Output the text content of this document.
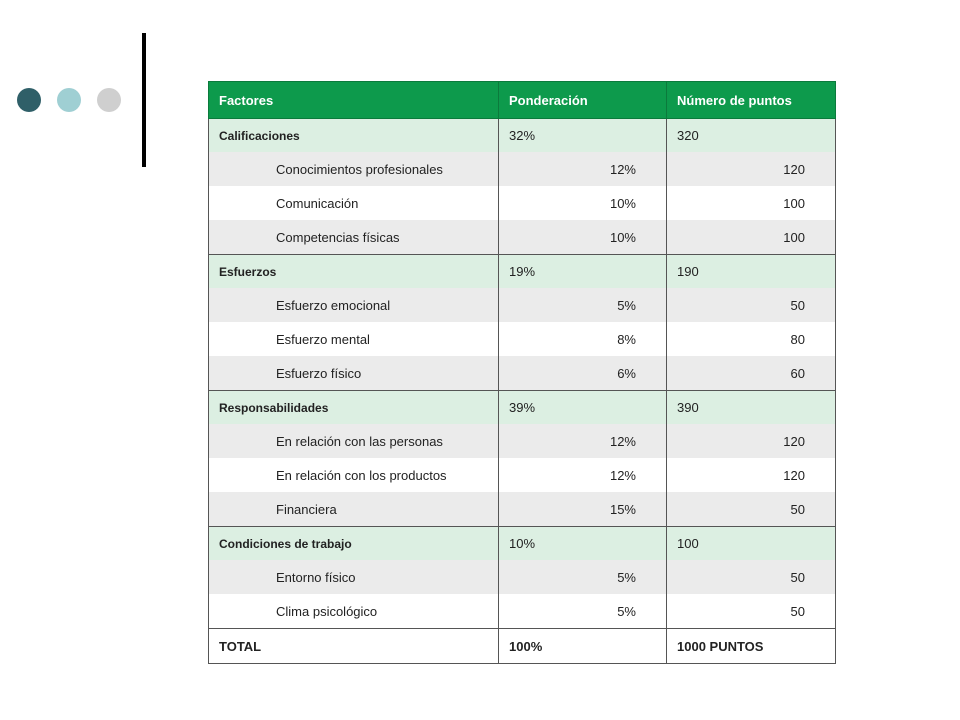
Factores	Ponderación	Número de puntos
Calificaciones	32%	320
Conocimientos profesionales	12%	120
Comunicación	10%	100
Competencias físicas	10%	100
Esfuerzos	19%	190
Esfuerzo emocional	5%	50
Esfuerzo mental	8%	80
Esfuerzo físico	6%	60
Responsabilidades	39%	390
En relación con las personas	12%	120
En relación con los productos	12%	120
Financiera	15%	50
Condiciones de trabajo	10%	100
Entorno físico	5%	50
Clima psicológico	5%	50
TOTAL	100%	1000 PUNTOS
